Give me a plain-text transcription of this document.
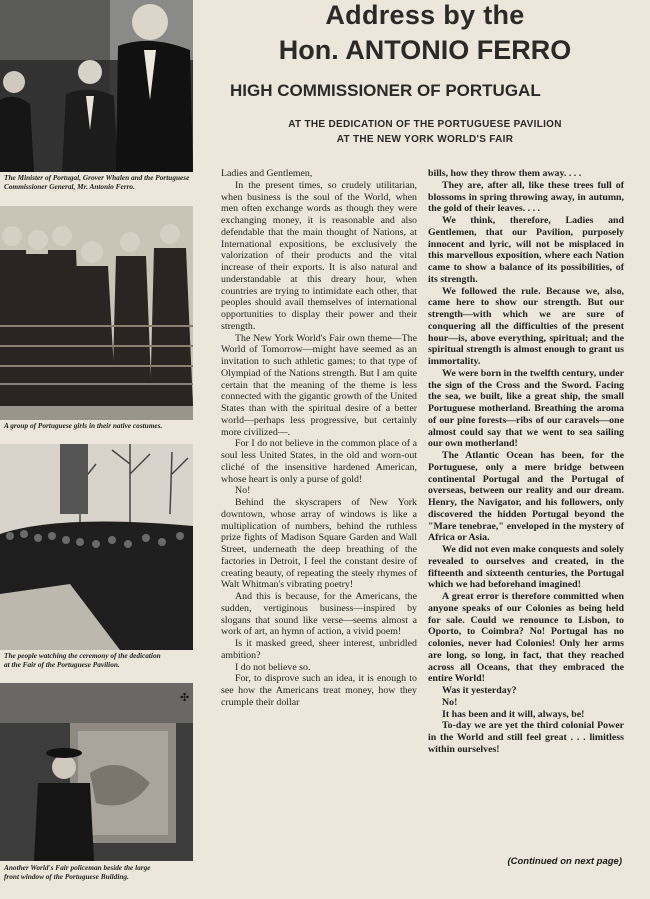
The Minister of Portugal, Grover Whalen and the Portuguese Commissioner General, Mr. Antonio Ferro.
A group of Portuguese girls in their native costumes.
The people watching the ceremony of the dedication at the Fair of the Portuguese Pavilion.
✣
Another World's Fair policeman beside the large front window of the Portuguese Building.
Address by the
Hon. ANTONIO FERRO
HIGH COMMISSIONER OF PORTUGAL
AT THE DEDICATION OF THE PORTUGUESE PAVILION
AT THE NEW YORK WORLD'S FAIR

Ladies and Gentlemen,

In the present times, so crudely utilitarian, when business is the soul of the World, when men often exchange words as though they were exchanging money, it is reasonable and also defendable that the main thought of Nations, at International expositions, be exclusively the valorization of their products and the vital increase of their exports. It is also natural and understandable at this dreary hour, when countries are trying to intimidate each other, that peoples should avail themselves of international opportunities to display their power and their strength.

The New York World's Fair own theme—The World of Tomorrow—might have seemed as an invitation to such athletic games; to that type of Olympiad of the Nations strength. But I am quite certain that the meaning of the theme is less connected with the gigantic growth of the United States than with the spiritual desire of a better world—perhaps less progressive, but certainly more civilized—.

For I do not believe in the common place of a soul less United States, in the old and worn-out cliché of the insensitive hardened American, whose heart is only a purse of gold!

No!

Behind the skyscrapers of New York downtown, whose array of windows is like a multiplication of numbers, behind the ruthless prize fights of Madison Square Garden and Wall Street, underneath the deep breathing of the factories in Detroit, I feel the constant desire of creating beauty, of repeating the steely rhymes of Walt Whitman's vibrating poetry!

And this is because, for the Americans, the sudden, vertiginous business—inspired by slogans that sound like verse—seems almost a work of art, an hymn of action, a vivid poem!

Is it masked greed, sheer interest, unbridled ambition?

I do not believe so.

For, to disprove such an idea, it is enough to see how the Americans treat money, how they crumple their dollar

bills, how they throw them away. . . .

They are, after all, like these trees full of blossoms in spring throwing away, in autumn, the gold of their leaves. . . .

We think, therefore, Ladies and Gentlemen, that our Pavilion, purposely innocent and lyric, will not be misplaced in this marvellous exposition, where each Nation came to show a balance of its possibilities, of its strength.

We followed the rule. Because we, also, came here to show our strength. But our strength—with which we are sure of conquering all the difficulties of the present hour—is, above everything, spiritual; and the spiritual strength is almost enough to grant us immortality.

We were born in the twelfth century, under the sign of the Cross and the Sword. Facing the sea, we built, like a great ship, the small Portuguese motherland. Breathing the aroma of our pine forests—ribs of our caravels—one almost could say that we went to sea sailing our own motherland!

The Atlantic Ocean has been, for the Portuguese, only a mere bridge between continental Portugal and the Portugal of overseas, between our reality and our dream. Henry, the Navigator, and his followers, only discovered the hidden Portugal beyond the "Mare tenebrae," enveloped in the mystery of Africa or Asia.

We did not even make conquests and solely revealed to ourselves and created, in the fifteenth and sixteenth centuries, the Portugal which we had beforehand imagined!

A great error is therefore committed when anyone speaks of our Colonies as being held for sale. Could we renounce to Lisbon, to Oporto, to Coimbra? No! Portugal has no colonies, never had Colonies! Only her arms are long, so long, in fact, that they reached across all Oceans, that they embraced the entire World!

Was it yesterday?

No!

It has been and it will, always, be!

To-day we are yet the third colonial Power in the World and still feel great . . . limitless within ourselves!

(Continued on next page)
